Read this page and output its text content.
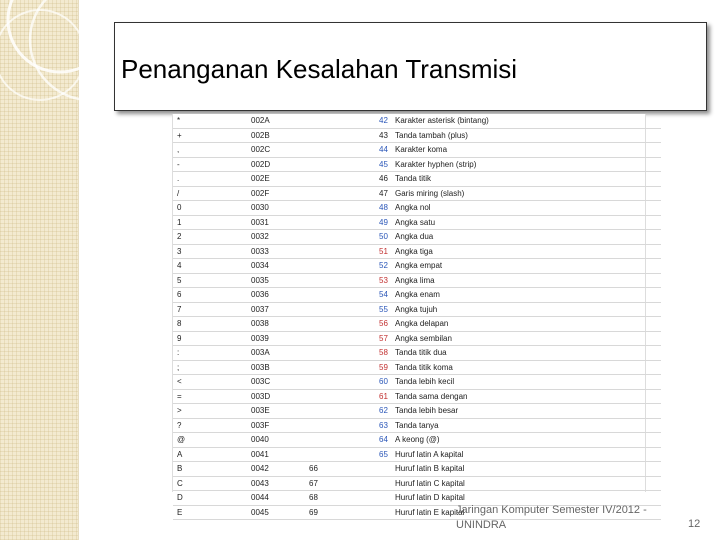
Penanganan Kesalahan Transmisi
*	002A	42	Karakter asterisk (bintang)
+	002B	43	Tanda tambah (plus)
,	002C	44	Karakter koma
-	002D	45	Karakter hyphen (strip)
.	002E	46	Tanda titik
/	002F	47	Garis miring (slash)
0	0030	48	Angka nol
1	0031	49	Angka satu
2	0032	50	Angka dua
3	0033	51	Angka tiga
4	0034	52	Angka empat
5	0035	53	Angka lima
6	0036	54	Angka enam
7	0037	55	Angka tujuh
8	0038	56	Angka delapan
9	0039	57	Angka sembilan
:	003A	58	Tanda titik dua
;	003B	59	Tanda titik koma
<	003C	60	Tanda lebih kecil
=	003D	61	Tanda sama dengan
>	003E	62	Tanda lebih besar
?	003F	63	Tanda tanya
@	0040	64	A keong (@)
A	0041	65	Huruf latin A kapital
B	0042	66	Huruf latin B kapital
C	0043	67	Huruf latin C kapital
D	0044	68	Huruf latin D kapital
E	0045	69	Huruf latin E kapital
Jaringan Komputer Semester IV/2012 -
UNINDRA	12
